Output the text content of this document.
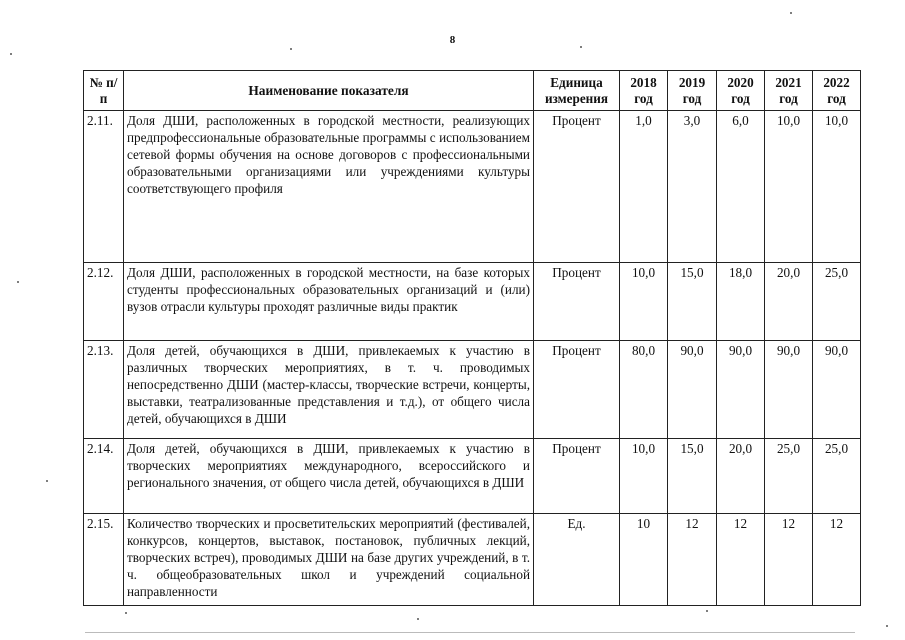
8
№ п/п	Наименование показателя	Единица измерения	2018 год	2019 год	2020 год	2021 год	2022 год
2.11.	Доля ДШИ, расположенных в городской местности, реализующих предпрофессиональные образовательные программы с использованием сетевой формы обучения на основе договоров с профессиональными образовательными организациями или учреждениями культуры соответствующего профиля	Процент	1,0	3,0	6,0	10,0	10,0
2.12.	Доля ДШИ, расположенных в городской местности, на базе которых студенты профессиональных образовательных организаций и (или) вузов отрасли культуры проходят различные виды практик	Процент	10,0	15,0	18,0	20,0	25,0
2.13.	Доля детей, обучающихся в ДШИ, привлекаемых к участию в различных творческих мероприятиях, в т. ч. проводимых непосредственно ДШИ (мастер-классы, творческие встречи, концерты, выставки, театрализованные представления и т.д.), от общего числа детей, обучающихся в ДШИ	Процент	80,0	90,0	90,0	90,0	90,0
2.14.	Доля детей, обучающихся в ДШИ, привлекаемых к участию в творческих мероприятиях международного, всероссийского и регионального значения, от общего числа детей, обучающихся в ДШИ	Процент	10,0	15,0	20,0	25,0	25,0
2.15.	Количество творческих и просветительских мероприятий (фестивалей, конкурсов, концертов, выставок, постановок, публичных лекций, творческих встреч), проводимых ДШИ на базе других учреждений, в т. ч. общеобразовательных школ и учреждений социальной направленности	Ед.	10	12	12	12	12
